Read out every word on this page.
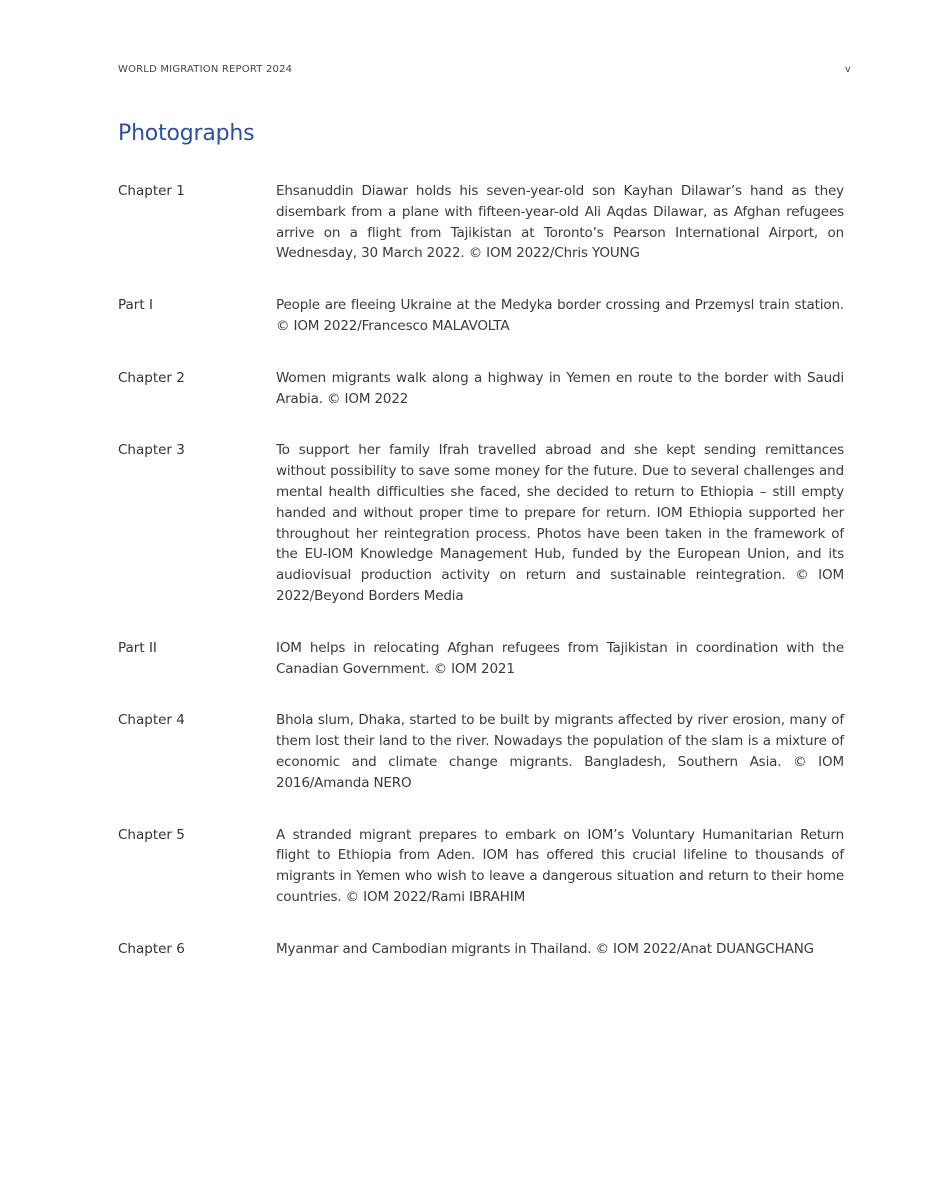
WORLD MIGRATION REPORT 2024	v
Photographs
Chapter 1	Ehsanuddin Diawar holds his seven-year-old son Kayhan Dilawar’s hand as they disembark from a plane with fifteen-year-old Ali Aqdas Dilawar, as Afghan refugees arrive on a flight from Tajikistan at Toronto’s Pearson International Airport, on Wednesday, 30 March 2022. © IOM 2022/Chris YOUNG
Part I	People are fleeing Ukraine at the Medyka border crossing and Przemysl train station. © IOM 2022/Francesco MALAVOLTA
Chapter 2	Women migrants walk along a highway in Yemen en route to the border with Saudi Arabia. © IOM 2022
Chapter 3	To support her family Ifrah travelled abroad and she kept sending remittances without possibility to save some money for the future. Due to several challenges and mental health difficulties she faced, she decided to return to Ethiopia – still empty handed and without proper time to prepare for return. IOM Ethiopia supported her throughout her reintegration process. Photos have been taken in the framework of the EU-IOM Knowledge Management Hub, funded by the European Union, and its audiovisual production activity on return and sustainable reintegration. © IOM 2022/Beyond Borders Media
Part II	IOM helps in relocating Afghan refugees from Tajikistan in coordination with the Canadian Government. © IOM 2021
Chapter 4	Bhola slum, Dhaka, started to be built by migrants affected by river erosion, many of them lost their land to the river. Nowadays the population of the slam is a mixture of economic and climate change migrants. Bangladesh, Southern Asia. © IOM 2016/Amanda NERO
Chapter 5	A stranded migrant prepares to embark on IOM’s Voluntary Humanitarian Return flight to Ethiopia from Aden. IOM has offered this crucial lifeline to thousands of migrants in Yemen who wish to leave a dangerous situation and return to their home countries. © IOM 2022/Rami IBRAHIM
Chapter 6	Myanmar and Cambodian migrants in Thailand. © IOM 2022/Anat DUANGCHANG
